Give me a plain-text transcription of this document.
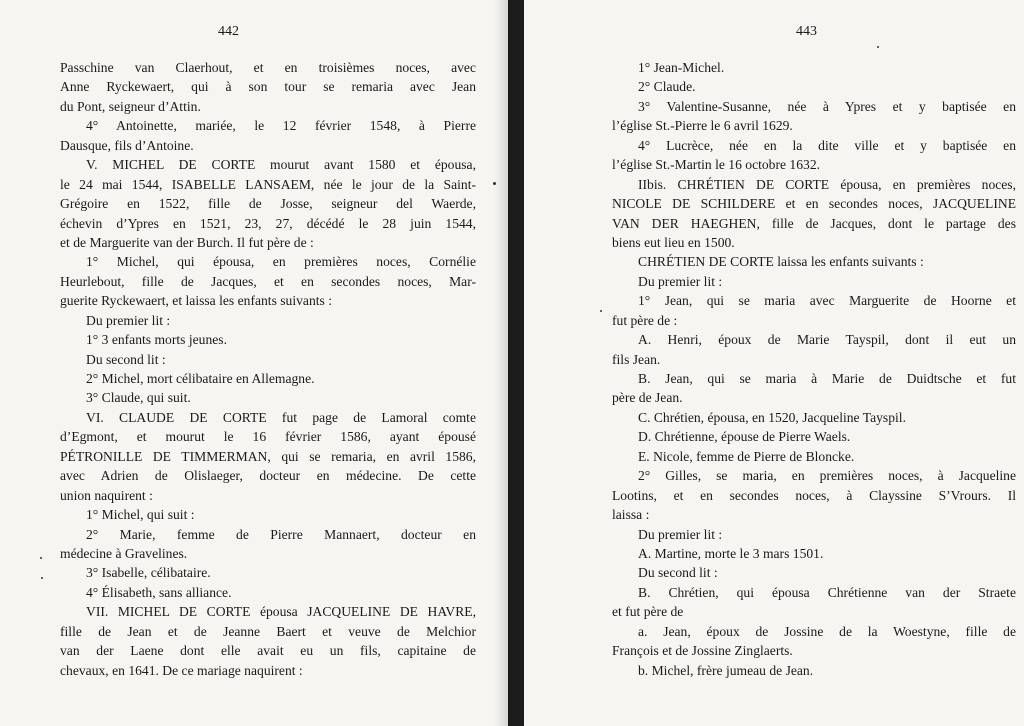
442
Passchine van Claerhout, et en troisièmes noces, avec
Anne Ryckewaert, qui à son tour se remaria avec Jean
du Pont, seigneur d’Attin.
4° Antoinette, mariée, le 12 février 1548, à Pierre
Dausque, fils d’Antoine.
V. MICHEL DE CORTE mourut avant 1580 et épousa,
le 24 mai 1544, ISABELLE LANSAEM, née le jour de la Saint-
Grégoire en 1522, fille de Josse, seigneur del Waerde,
échevin d’Ypres en 1521, 23, 27, décédé le 28 juin 1544,
et de Marguerite van der Burch. Il fut père de :
1° Michel, qui épousa, en premières noces, Cornélie
Heurlebout, fille de Jacques, et en secondes noces, Mar-
guerite Ryckewaert, et laissa les enfants suivants :
Du premier lit :
1° 3 enfants morts jeunes.
Du second lit :
2° Michel, mort célibataire en Allemagne.
3° Claude, qui suit.
VI. CLAUDE DE CORTE fut page de Lamoral comte
d’Egmont, et mourut le 16 février 1586, ayant épousé
PÉTRONILLE DE TIMMERMAN, qui se remaria, en avril 1586,
avec Adrien de Olislaeger, docteur en médecine. De cette
union naquirent :
1° Michel, qui suit :
2° Marie, femme de Pierre Mannaert, docteur en
médecine à Gravelines.
3° Isabelle, célibataire.
4° Élisabeth, sans alliance.
VII. MICHEL DE CORTE épousa JACQUELINE DE HAVRE,
fille de Jean et de Jeanne Baert et veuve de Melchior
van der Laene dont elle avait eu un fils, capitaine de
chevaux, en 1641. De ce mariage naquirent :
443
1° Jean-Michel.
2° Claude.
3° Valentine-Susanne, née à Ypres et y baptisée en
l’église St.-Pierre le 6 avril 1629.
4° Lucrèce, née en la dite ville et y baptisée en
l’église St.-Martin le 16 octobre 1632.
IIbis. CHRÉTIEN DE CORTE épousa, en premières noces,
NICOLE DE SCHILDERE et en secondes noces, JACQUELINE
VAN DER HAEGHEN, fille de Jacques, dont le partage des
biens eut lieu en 1500.
CHRÉTIEN DE CORTE laissa les enfants suivants :
Du premier lit :
1° Jean, qui se maria avec Marguerite de Hoorne et
fut père de :
A. Henri, époux de Marie Tayspil, dont il eut un
fils Jean.
B. Jean, qui se maria à Marie de Duidtsche et fut
père de Jean.
C. Chrétien, épousa, en 1520, Jacqueline Tayspil.
D. Chrétienne, épouse de Pierre Waels.
E. Nicole, femme de Pierre de Bloncke.
2° Gilles, se maria, en premières noces, à Jacqueline
Lootins, et en secondes noces, à Clayssine S’Vrours. Il
laissa :
Du premier lit :
A. Martine, morte le 3 mars 1501.
Du second lit :
B. Chrétien, qui épousa Chrétienne van der Straete
et fut père de
a. Jean, époux de Jossine de la Woestyne, fille de
François et de Jossine Zinglaerts.
b. Michel, frère jumeau de Jean.
